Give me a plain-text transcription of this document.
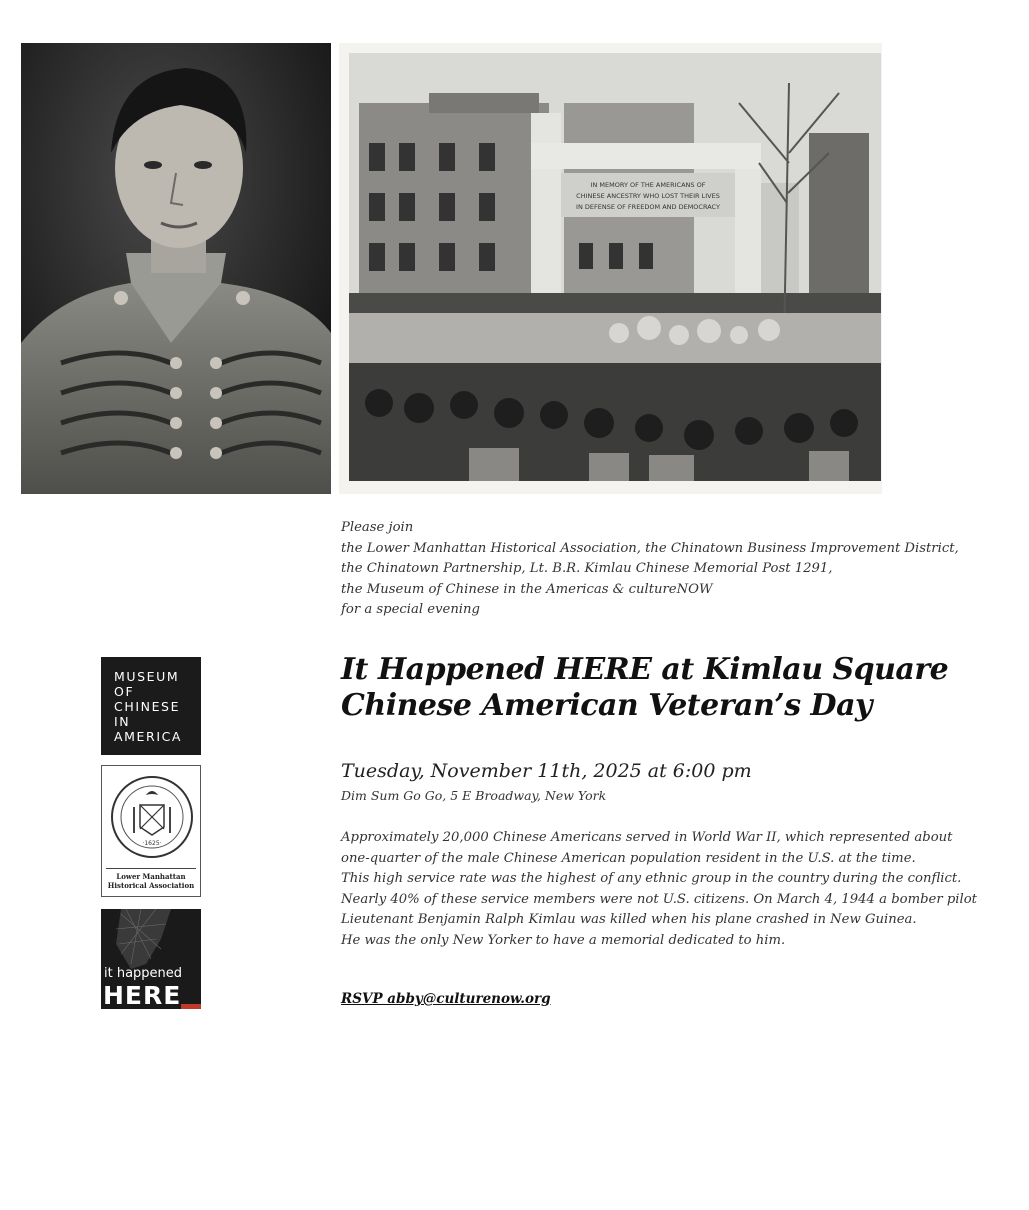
IN MEMORY OF THE AMERICANS OF
CHINESE ANCESTRY WHO LOST THEIR LIVES
IN DEFENSE OF FREEDOM AND DEMOCRACY
Please join
the Lower Manhattan Historical Association, the Chinatown Business Improvement District,
the Chinatown Partnership, Lt. B.R. Kimlau Chinese Memorial Post 1291,
the Museum of Chinese in the Americas & cultureNOW
for a special evening
It Happened HERE at Kimlau Square
Chinese American Veteran’s Day
Tuesday, November 11th, 2025 at 6:00 pm
Dim Sum Go Go, 5 E Broadway, New York
Approximately 20,000 Chinese Americans served in World War II, which represented about
one-quarter of the male Chinese American population resident in the U.S. at the time.
This high service rate was the highest of any ethnic group in the country during the conflict.
Nearly 40% of these service members were not U.S. citizens. On March 4, 1944 a bomber pilot
Lieutenant Benjamin Ralph Kimlau was killed when his plane crashed in New Guinea.
He was the only New Yorker to have a memorial dedicated to him.
RSVP abby@culturenow.org
MUSEUM
OF
CHINESE
IN
AMERICA
·1625·
Lower Manhattan
Historical Association
it happened
HERE
